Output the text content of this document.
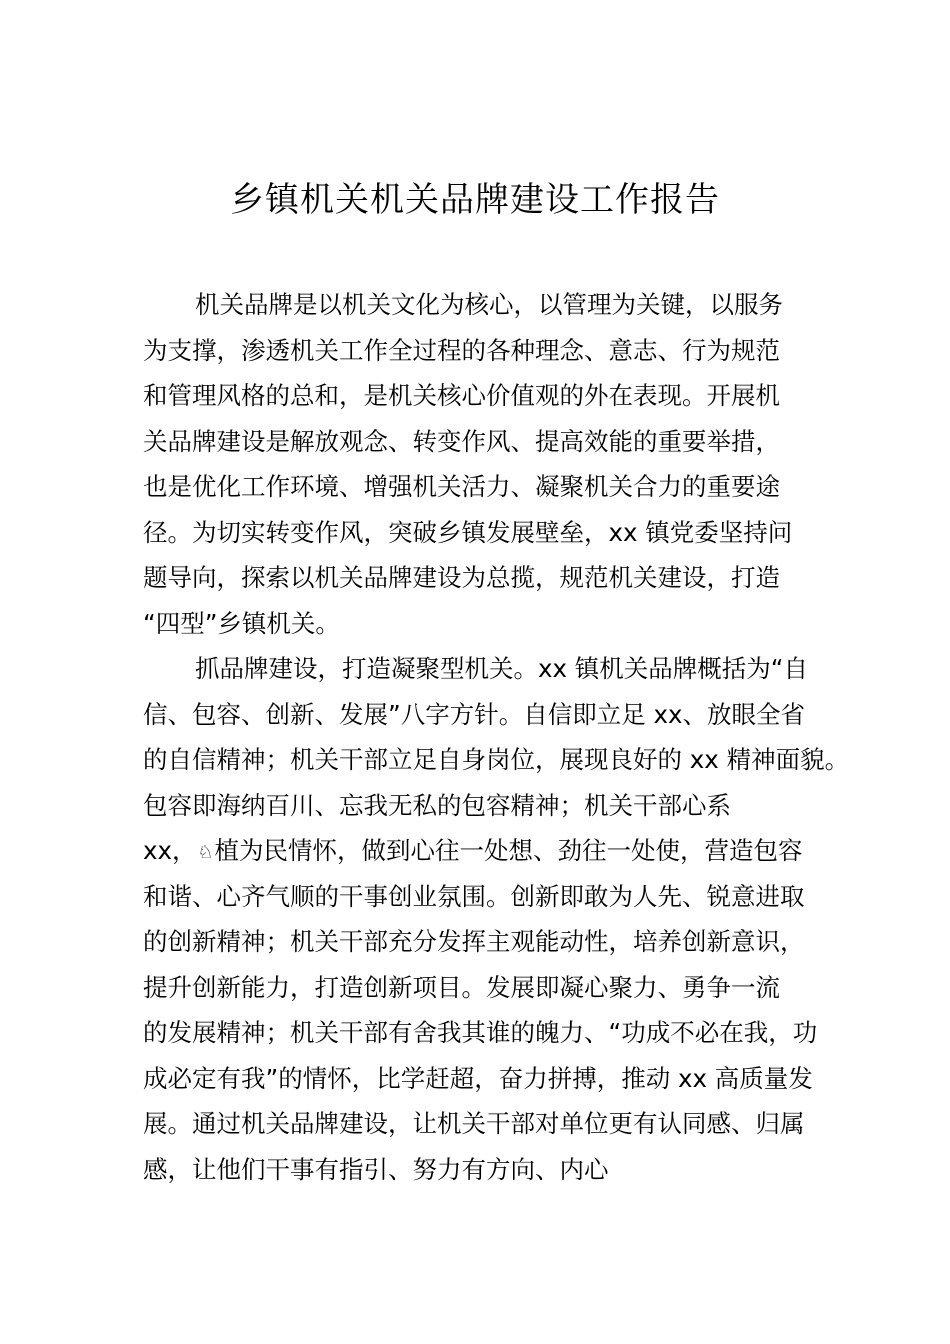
乡镇机关机关品牌建设工作报告
机关品牌是以机关文化为核心，以管理为关键，以服务
为支撑，渗透机关工作全过程的各种理念、意志、行为规范
和管理风格的总和，是机关核心价值观的外在表现。开展机
关品牌建设是解放观念、转变作风、提高效能的重要举措，
也是优化工作环境、增强机关活力、凝聚机关合力的重要途
径。为切实转变作风，突破乡镇发展壁垒，xx 镇党委坚持问
题导向，探索以机关品牌建设为总揽，规范机关建设，打造
“四型”乡镇机关。
抓品牌建设，打造凝聚型机关。xx 镇机关品牌概括为“自
信、包容、创新、发展”八字方针。自信即立足 xx、放眼全省
的自信精神；机关干部立足自身岗位，展现良好的 xx 精神面貌。
包容即海纳百川、忘我无私的包容精神；机关干部心系
xx，♘植为民情怀，做到心往一处想、劲往一处使，营造包容
和谐、心齐气顺的干事创业氛围。创新即敢为人先、锐意进取
的创新精神；机关干部充分发挥主观能动性，培养创新意识，
提升创新能力，打造创新项目。发展即凝心聚力、勇争一流
的发展精神；机关干部有舍我其谁的魄力、“功成不必在我，功
成必定有我”的情怀，比学赶超，奋力拼搏，推动 xx 高质量发
展。通过机关品牌建设，让机关干部对单位更有认同感、归属
感，让他们干事有指引、努力有方向、内心
